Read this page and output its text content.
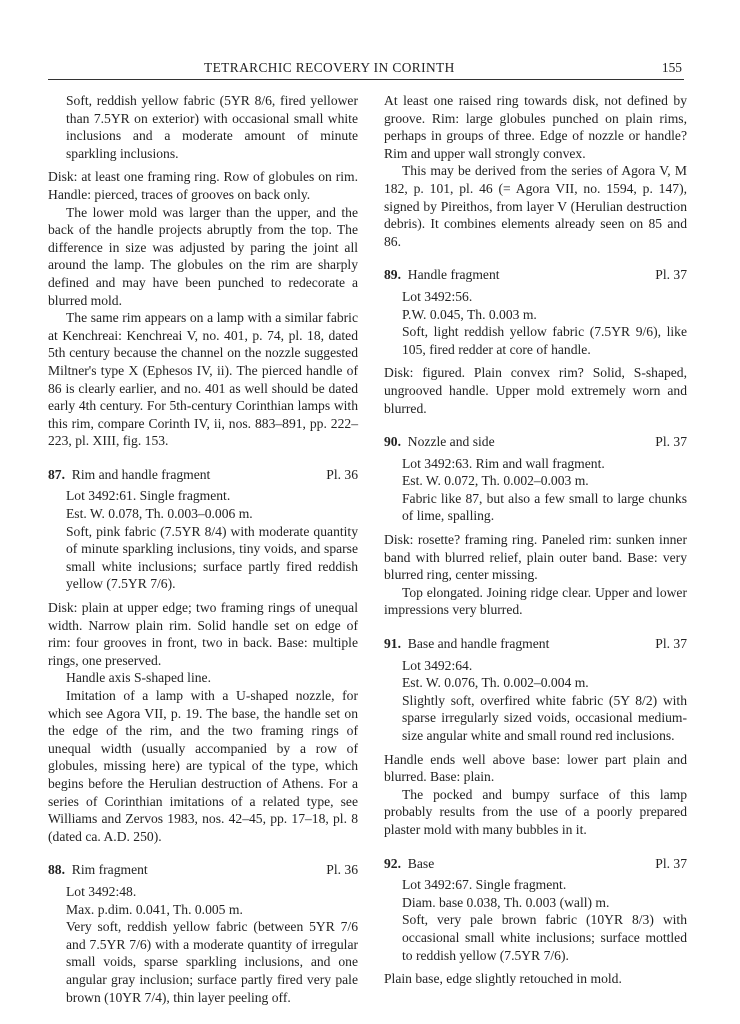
TETRARCHIC RECOVERY IN CORINTH	155

Soft, reddish yellow fabric (5YR 8/6, fired yellower than 7.5YR on exterior) with occasional small white inclusions and a moderate amount of minute sparkling inclusions.

Disk: at least one framing ring. Row of globules on rim. Handle: pierced, traces of grooves on back only.

The lower mold was larger than the upper, and the back of the handle projects abruptly from the top. The difference in size was adjusted by paring the joint all around the lamp. The globules on the rim are sharply defined and may have been punched to redecorate a blurred mold.

The same rim appears on a lamp with a similar fabric at Kenchreai: Kenchreai V, no. 401, p. 74, pl. 18, dated 5th century because the channel on the nozzle suggested Miltner's type X (Ephesos IV, ii). The pierced handle of 86 is clearly earlier, and no. 401 as well should be dated early 4th century. For 5th-century Corinthian lamps with this rim, compare Corinth IV, ii, nos. 883–891, pp. 222–223, pl. XIII, fig. 153.

87. Rim and handle fragment	Pl. 36

Lot 3492:61. Single fragment.

Est. W. 0.078, Th. 0.003–0.006 m.

Soft, pink fabric (7.5YR 8/4) with moderate quantity of minute sparkling inclusions, tiny voids, and sparse small white inclusions; surface partly fired reddish yellow (7.5YR 7/6).

Disk: plain at upper edge; two framing rings of unequal width. Narrow plain rim. Solid handle set on edge of rim: four grooves in front, two in back. Base: multiple rings, one preserved.

Handle axis S-shaped line.

Imitation of a lamp with a U-shaped nozzle, for which see Agora VII, p. 19. The base, the handle set on the edge of the rim, and the two framing rings of unequal width (usually accompanied by a row of globules, missing here) are typical of the type, which begins before the Herulian destruction of Athens. For a series of Corinthian imitations of a related type, see Williams and Zervos 1983, nos. 42–45, pp. 17–18, pl. 8 (dated ca. A.D. 250).

88. Rim fragment	Pl. 36

Lot 3492:48.

Max. p.dim. 0.041, Th. 0.005 m.

Very soft, reddish yellow fabric (between 5YR 7/6 and 7.5YR 7/6) with a moderate quantity of irregular small voids, sparse sparkling inclusions, and one angular gray inclusion; surface partly fired very pale brown (10YR 7/4), thin layer peeling off.

At least one raised ring towards disk, not defined by groove. Rim: large globules punched on plain rims, perhaps in groups of three. Edge of nozzle or handle? Rim and upper wall strongly convex.

This may be derived from the series of Agora V, M 182, p. 101, pl. 46 (= Agora VII, no. 1594, p. 147), signed by Pireithos, from layer V (Herulian destruction debris). It combines elements already seen on 85 and 86.

89. Handle fragment	Pl. 37

Lot 3492:56.

P.W. 0.045, Th. 0.003 m.

Soft, light reddish yellow fabric (7.5YR 9/6), like 105, fired redder at core of handle.

Disk: figured. Plain convex rim? Solid, S-shaped, ungrooved handle. Upper mold extremely worn and blurred.

90. Nozzle and side	Pl. 37

Lot 3492:63. Rim and wall fragment.

Est. W. 0.072, Th. 0.002–0.003 m.

Fabric like 87, but also a few small to large chunks of lime, spalling.

Disk: rosette? framing ring. Paneled rim: sunken inner band with blurred relief, plain outer band. Base: very blurred ring, center missing.

Top elongated. Joining ridge clear. Upper and lower impressions very blurred.

91. Base and handle fragment	Pl. 37

Lot 3492:64.

Est. W. 0.076, Th. 0.002–0.004 m.

Slightly soft, overfired white fabric (5Y 8/2) with sparse irregularly sized voids, occasional medium-size angular white and small round red inclusions.

Handle ends well above base: lower part plain and blurred. Base: plain.

The pocked and bumpy surface of this lamp probably results from the use of a poorly prepared plaster mold with many bubbles in it.

92. Base	Pl. 37

Lot 3492:67. Single fragment.

Diam. base 0.038, Th. 0.003 (wall) m.

Soft, very pale brown fabric (10YR 8/3) with occasional small white inclusions; surface mottled to reddish yellow (7.5YR 7/6).

Plain base, edge slightly retouched in mold.
